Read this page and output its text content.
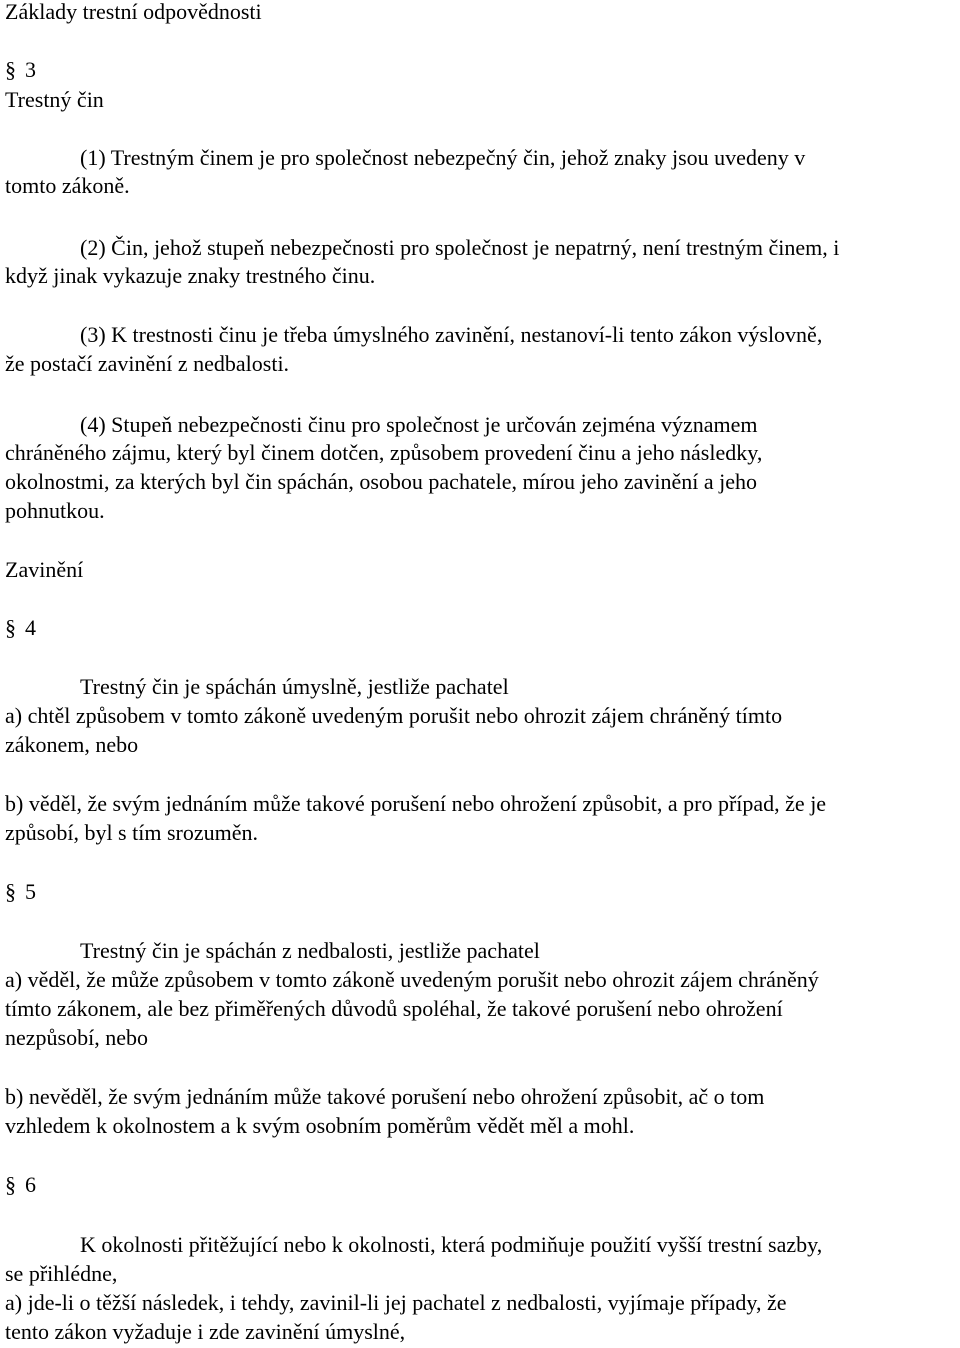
Základy trestní odpovědnosti
§ 3
Trestný čin
(1) Trestným činem je pro společnost nebezpečný čin, jehož znaky jsou uvedeny v
tomto zákoně.
(2) Čin, jehož stupeň nebezpečnosti pro společnost je nepatrný, není trestným činem, i
když jinak vykazuje znaky trestného činu.
(3) K trestnosti činu je třeba úmyslného zavinění, nestanoví-li tento zákon výslovně,
že postačí zavinění z nedbalosti.
(4) Stupeň nebezpečnosti činu pro společnost je určován zejména významem
chráněného zájmu, který byl činem dotčen, způsobem provedení činu a jeho následky,
okolnostmi, za kterých byl čin spáchán, osobou pachatele, mírou jeho zavinění a jeho
pohnutkou.
Zavinění
§ 4
Trestný čin je spáchán úmyslně, jestliže pachatel
a) chtěl způsobem v tomto zákoně uvedeným porušit nebo ohrozit zájem chráněný tímto
zákonem, nebo
b) věděl, že svým jednáním může takové porušení nebo ohrožení způsobit, a pro případ, že je
způsobí, byl s tím srozuměn.
§ 5
Trestný čin je spáchán z nedbalosti, jestliže pachatel
a) věděl, že může způsobem v tomto zákoně uvedeným porušit nebo ohrozit zájem chráněný
tímto zákonem, ale bez přiměřených důvodů spoléhal, že takové porušení nebo ohrožení
nezpůsobí, nebo
b) nevěděl, že svým jednáním může takové porušení nebo ohrožení způsobit, ač o tom
vzhledem k okolnostem a k svým osobním poměrům vědět měl a mohl.
§ 6
K okolnosti přitěžující nebo k okolnosti, která podmiňuje použití vyšší trestní sazby,
se přihlédne,
a) jde-li o těžší následek, i tehdy, zavinil-li jej pachatel z nedbalosti, vyjímaje případy, že
tento zákon vyžaduje i zde zavinění úmyslné,
